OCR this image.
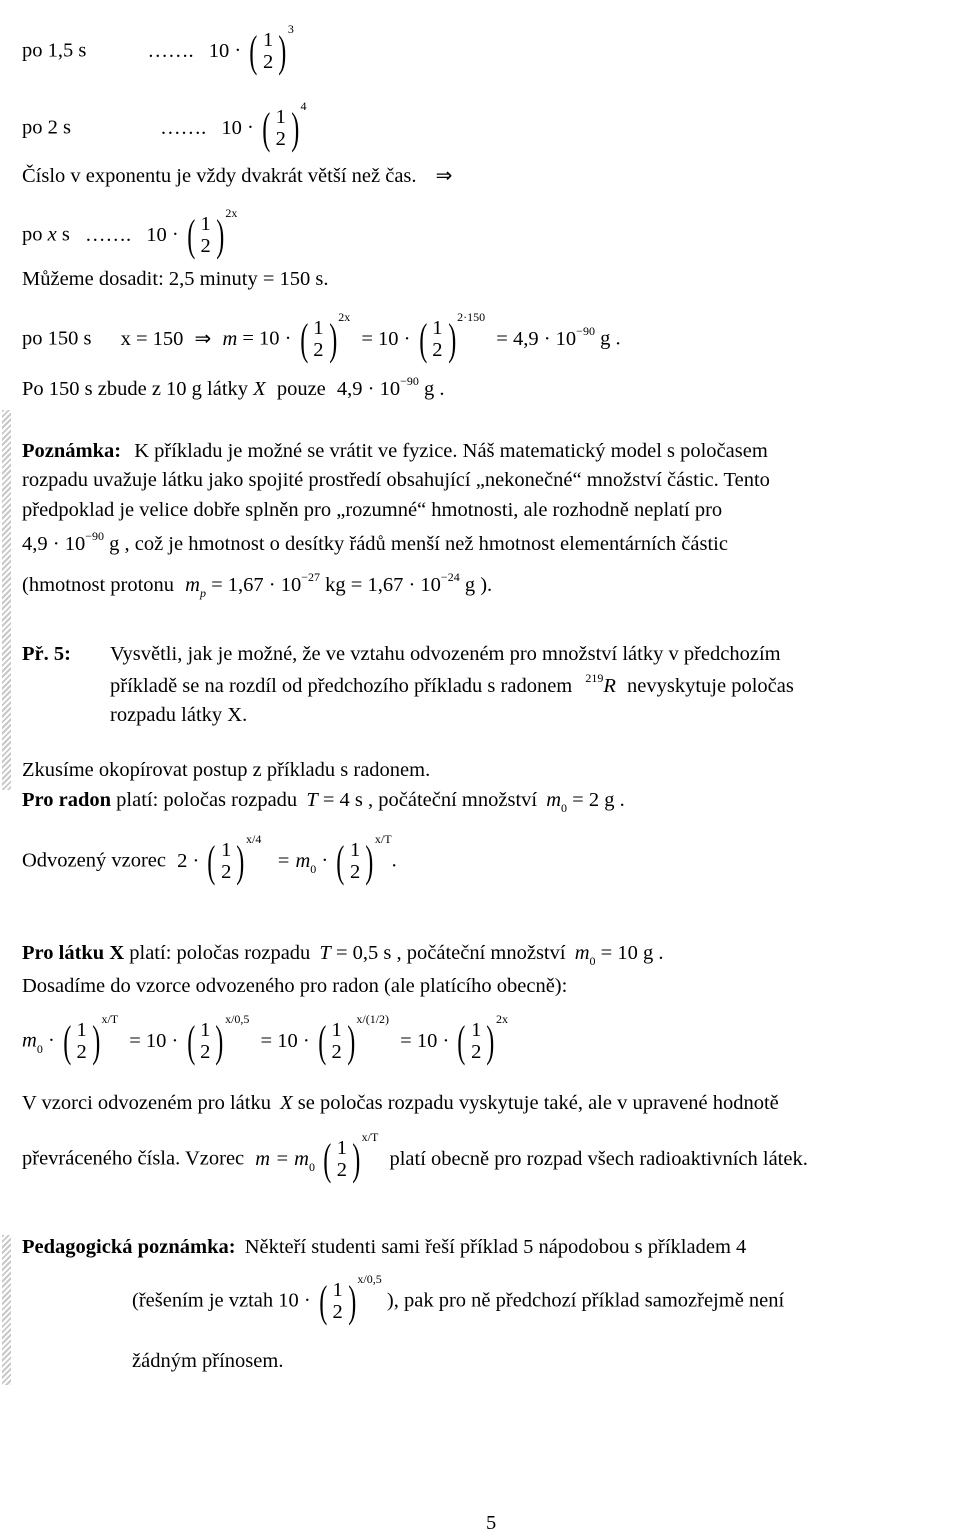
po 1,5 s	……. 10 · ( 1
2 ) $^3$
po 2 s	……. 10 · ( 1
2 ) $^4$
Číslo v exponentu je vždy dvakrát větší než čas. ⇒
po x s ……. 10 · ( 1
2 ) $^{2x}$
Můžeme dosadit: 2,5 minuty = 150 s.
po 150 s x = 150 ⇒ m = 10 · ( 1
2 ) $^{2x}$ = 10 · ( 1
2 ) $^{2\cdot 150} = 4,9 \cdot 10^{-90}$ g .
Po 150 s zbude z 10 g látky X pouze $4,9 \cdot 10^{-90}$ g .
Poznámka: K příkladu je možné se vrátit ve fyzice. Náš matematický model s poločasem
rozpadu uvažuje látku jako spojité prostředí obsahující „nekonečné“ množství částic. Tento
předpoklad je velice dobře splněn pro „rozumné“ hmotnosti, ale rozhodně neplatí pro
$4,9 \cdot 10^{-90}$ g , což je hmotnost o desítky řádů menší než hmotnost elementárních částic
(hmotnost protonu $m_p = 1,67 \cdot 10^{-27}$ kg = $1,67 \cdot 10^{-24}$ g ).
Př. 5: Vysvětli, jak je možné, že ve vztahu odvozeném pro množství látky v předchozím
příkladě se na rozdíl od předchozího příkladu s radonem $^{219}$R nevyskytuje poločas
rozpadu látky X.
Zkusíme okopírovat postup z příkladu s radonem.
Pro radon platí: poločas rozpadu T = 4 s , počáteční množství $m_0 = 2$ g .
Odvozený vzorec 2 · ( 1
2 ) $^{x/4} = m_0$ · ( 1
2 ) $^{x/T}$.
Pro látku X platí: poločas rozpadu T = 0,5 s , počáteční množství $m_0 = 10$ g .
Dosadíme do vzorce odvozeného pro radon (ale platícího obecně):
$m_0$ · ( 1
2 ) $^{x/T}$ = 10 · ( 1
2 ) $^{x/0,5}$ = 10 · ( 1
2 ) $^{x/(1/2)}$ = 10 · ( 1
2 ) $^{2x}$
V vzorci odvozeném pro látku X se poločas rozpadu vyskytuje také, ale v upravené hodnotě
převráceného čísla. Vzorec $m = m_0$ ( 1
2 ) $^{x/T}$ platí obecně pro rozpad všech radioaktivních látek.
Pedagogická poznámka: Někteří studenti sami řeší příklad 5 nápodobou s příkladem 4
(řešením je vztah 10 · ( 1
2 ) $^{x/0,5}$ ), pak pro ně předchozí příklad samozřejmě není
žádným přínosem.
5
